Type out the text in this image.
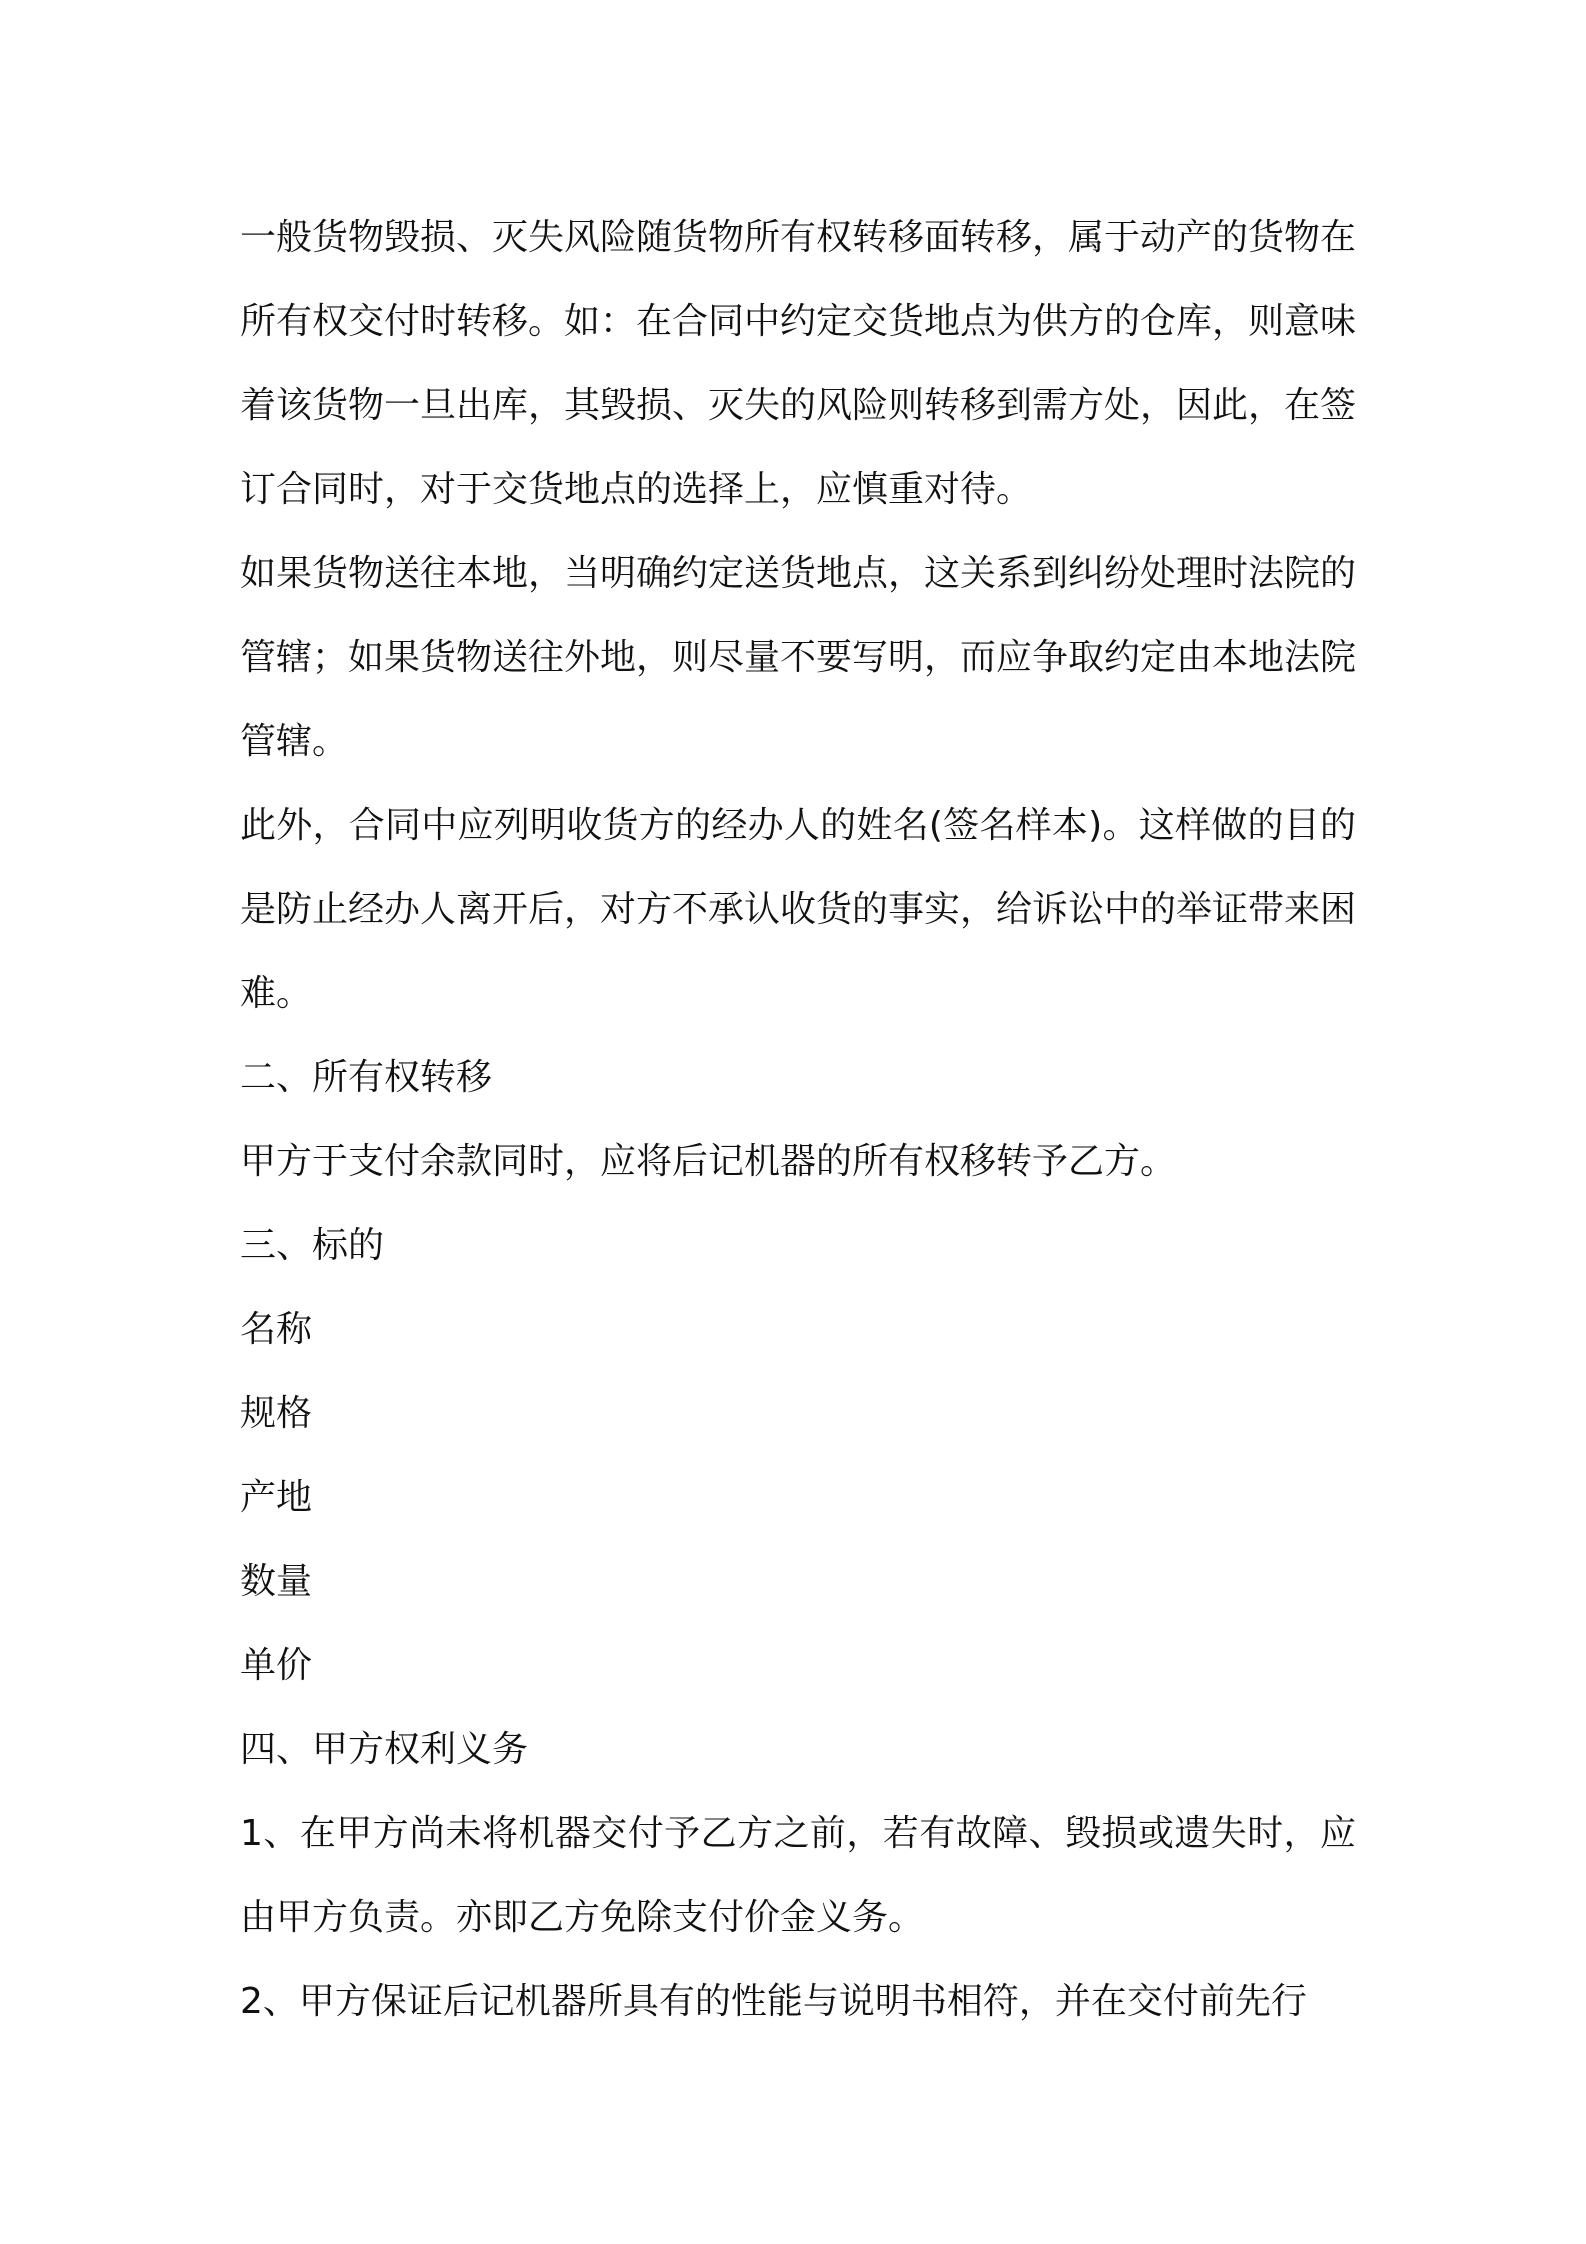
一般货物毁损、灭失风险随货物所有权转移面转移，属于动产的货物在所有权交付时转移。如：在合同中约定交货地点为供方的仓库，则意味着该货物一旦出库，其毁损、灭失的风险则转移到需方处，因此，在签订合同时，对于交货地点的选择上，应慎重对待。

如果货物送往本地，当明确约定送货地点，这关系到纠纷处理时法院的管辖；如果货物送往外地，则尽量不要写明，而应争取约定由本地法院管辖。

此外，合同中应列明收货方的经办人的姓名(签名样本)。这样做的目的是防止经办人离开后，对方不承认收货的事实，给诉讼中的举证带来困难。

二、所有权转移

甲方于支付余款同时，应将后记机器的所有权移转予乙方。

三、标的

名称

规格

产地

数量

单价

四、甲方权利义务

1、在甲方尚未将机器交付予乙方之前，若有故障、毁损或遗失时，应由甲方负责。亦即乙方免除支付价金义务。

2、甲方保证后记机器所具有的性能与说明书相符，并在交付前先行
